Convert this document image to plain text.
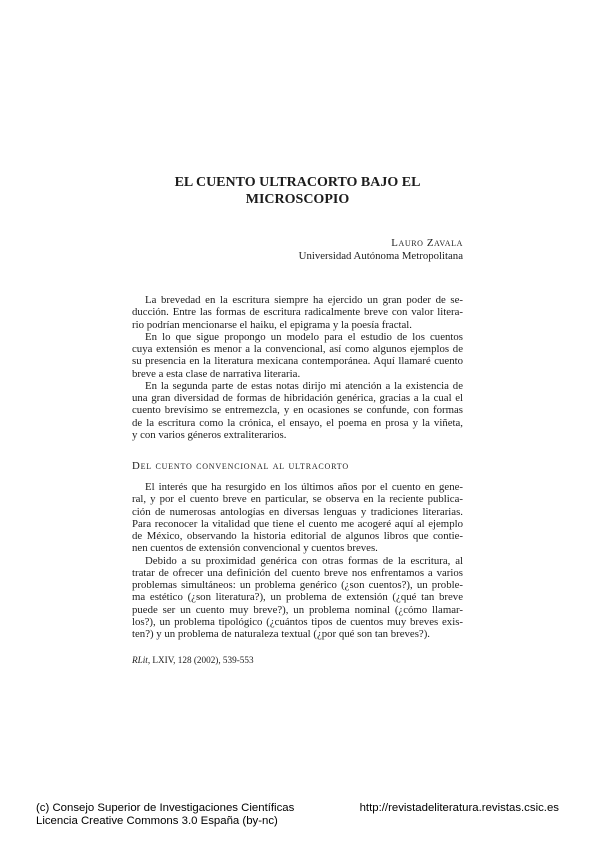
EL CUENTO ULTRACORTO BAJO EL
MICROSCOPIO
Lauro Zavala
Universidad Autónoma Metropolitana
La brevedad en la escritura siempre ha ejercido un gran poder de se-
ducción. Entre las formas de escritura radicalmente breve con valor litera-
rio podrían mencionarse el haiku, el epigrama y la poesía fractal.
En lo que sigue propongo un modelo para el estudio de los cuentos
cuya extensión es menor a la convencional, así como algunos ejemplos de
su presencia en la literatura mexicana contemporánea. Aquí llamaré cuento
breve a esta clase de narrativa literaria.
En la segunda parte de estas notas dirijo mi atención a la existencia de
una gran diversidad de formas de hibridación genérica, gracias a la cual el
cuento brevísimo se entremezcla, y en ocasiones se confunde, con formas
de la escritura como la crónica, el ensayo, el poema en prosa y la viñeta,
y con varios géneros extraliterarios.
Del cuento convencional al ultracorto
El interés que ha resurgido en los últimos años por el cuento en gene-
ral, y por el cuento breve en particular, se observa en la reciente publica-
ción de numerosas antologías en diversas lenguas y tradiciones literarias.
Para reconocer la vitalidad que tiene el cuento me acogeré aquí al ejemplo
de México, observando la historia editorial de algunos libros que contie-
nen cuentos de extensión convencional y cuentos breves.
Debido a su proximidad genérica con otras formas de la escritura, al
tratar de ofrecer una definición del cuento breve nos enfrentamos a varios
problemas simultáneos: un problema genérico (¿son cuentos?), un proble-
ma estético (¿son literatura?), un problema de extensión (¿qué tan breve
puede ser un cuento muy breve?), un problema nominal (¿cómo llamar-
los?), un problema tipológico (¿cuántos tipos de cuentos muy breves exis-
ten?) y un problema de naturaleza textual (¿por qué son tan breves?).
RLit, LXIV, 128 (2002), 539-553
(c) Consejo Superior de Investigaciones Científicas
Licencia Creative Commons 3.0 España (by-nc)
http://revistadeliteratura.revistas.csic.es
